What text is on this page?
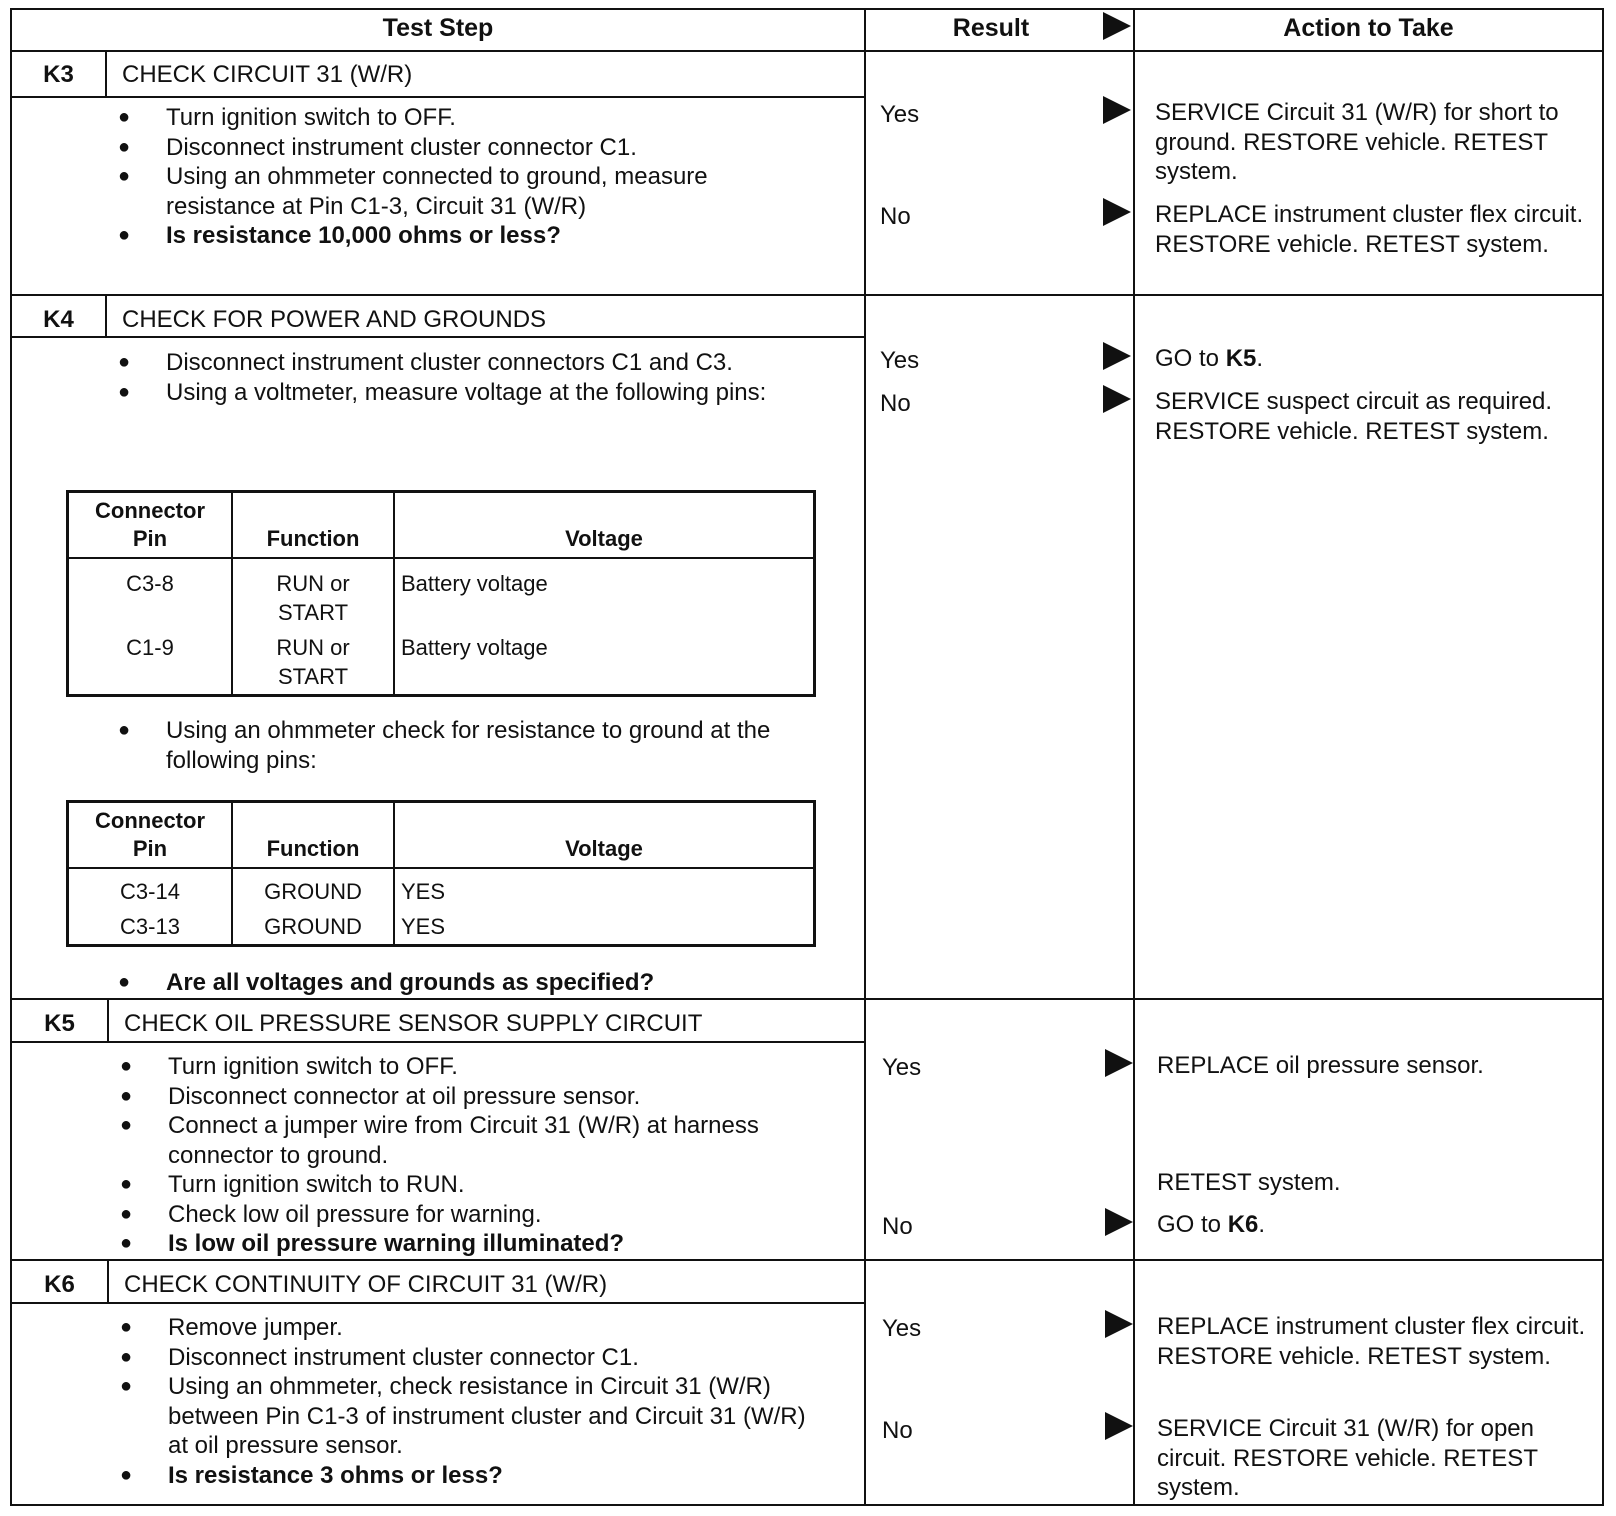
Test Step	Result	Action to Take
K3	CHECK CIRCUIT 31 (W/R)
● Turn ignition switch to OFF.
● Disconnect instrument cluster connector C1.
● Using an ohmmeter connected to ground, measure resistance at Pin C1-3, Circuit 31 (W/R)
● Is resistance 10,000 ohms or less?
Yes	SERVICE Circuit 31 (W/R) for short to ground. RESTORE vehicle. RETEST system.
No	REPLACE instrument cluster flex circuit. RESTORE vehicle. RETEST system.
K4	CHECK FOR POWER AND GROUNDS
● Disconnect instrument cluster connectors C1 and C3.
● Using a voltmeter, measure voltage at the following pins:
Connector Pin	Function	Voltage
C3-8	RUN or START	Battery voltage
C1-9	RUN or START	Battery voltage
● Using an ohmmeter check for resistance to ground at the following pins:
Connector Pin	Function	Voltage
C3-14	GROUND	YES
C3-13	GROUND	YES
● Are all voltages and grounds as specified?
Yes	GO to K5.
No	SERVICE suspect circuit as required. RESTORE vehicle. RETEST system.
K5	CHECK OIL PRESSURE SENSOR SUPPLY CIRCUIT
● Turn ignition switch to OFF.
● Disconnect connector at oil pressure sensor.
● Connect a jumper wire from Circuit 31 (W/R) at harness connector to ground.
● Turn ignition switch to RUN.
● Check low oil pressure for warning.
● Is low oil pressure warning illuminated?
Yes	REPLACE oil pressure sensor.
RETEST system.
No	GO to K6.
K6	CHECK CONTINUITY OF CIRCUIT 31 (W/R)
● Remove jumper.
● Disconnect instrument cluster connector C1.
● Using an ohmmeter, check resistance in Circuit 31 (W/R) between Pin C1-3 of instrument cluster and Circuit 31 (W/R) at oil pressure sensor.
● Is resistance 3 ohms or less?
Yes	REPLACE instrument cluster flex circuit. RESTORE vehicle. RETEST system.
No	SERVICE Circuit 31 (W/R) for open circuit. RESTORE vehicle. RETEST system.
